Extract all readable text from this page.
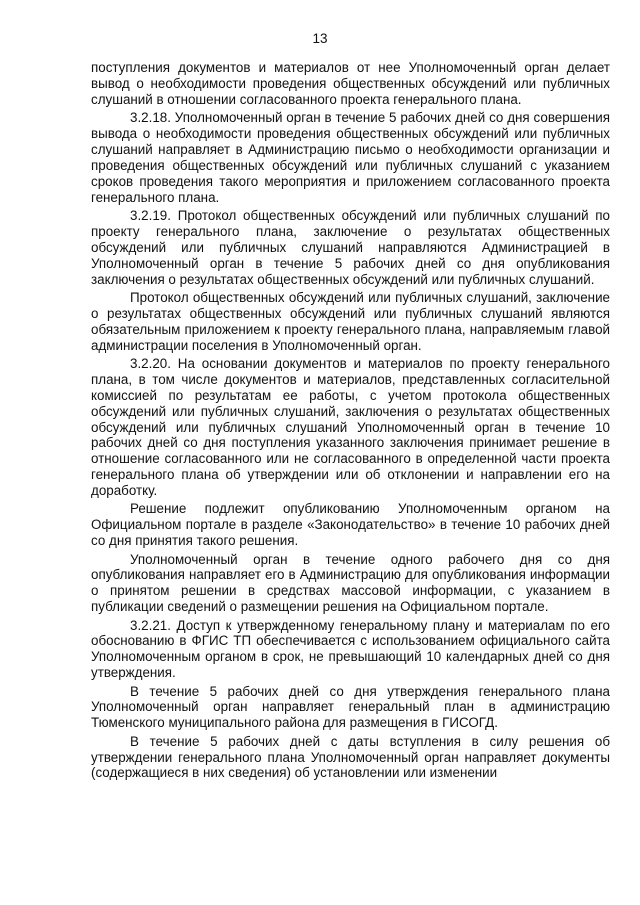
13

поступления документов и материалов от нее Уполномоченный орган делает вывод о необходимости проведения общественных обсуждений или публичных слушаний в отношении согласованного проекта генерального плана.

3.2.18. Уполномоченный орган в течение 5 рабочих дней со дня совершения вывода о необходимости проведения общественных обсуждений или публичных слушаний направляет в Администрацию письмо о необходимости организации и проведения общественных обсуждений или публичных слушаний с указанием сроков проведения такого мероприятия и приложением согласованного проекта генерального плана.

3.2.19. Протокол общественных обсуждений или публичных слушаний по проекту генерального плана, заключение о результатах общественных обсуждений или публичных слушаний направляются Администрацией в Уполномоченный орган в течение 5 рабочих дней со дня опубликования заключения о результатах общественных обсуждений или публичных слушаний.

Протокол общественных обсуждений или публичных слушаний, заключение о результатах общественных обсуждений или публичных слушаний являются обязательным приложением к проекту генерального плана, направляемым главой администрации поселения в Уполномоченный орган.

3.2.20. На основании документов и материалов по проекту генерального плана, в том числе документов и материалов, представленных согласительной комиссией по результатам ее работы, с учетом протокола общественных обсуждений или публичных слушаний, заключения о результатах общественных обсуждений или публичных слушаний Уполномоченный орган в течение 10 рабочих дней со дня поступления указанного заключения принимает решение в отношение согласованного или не согласованного в определенной части проекта генерального плана об утверждении или об отклонении и направлении его на доработку.

Решение подлежит опубликованию Уполномоченным органом на Официальном портале в разделе «Законодательство» в течение 10 рабочих дней со дня принятия такого решения.

Уполномоченный орган в течение одного рабочего дня со дня опубликования направляет его в Администрацию для опубликования информации о принятом решении в средствах массовой информации, с указанием в публикации сведений о размещении решения на Официальном портале.

3.2.21. Доступ к утвержденному генеральному плану и материалам по его обоснованию в ФГИС ТП обеспечивается с использованием официального сайта Уполномоченным органом в срок, не превышающий 10 календарных дней со дня утверждения.

В течение 5 рабочих дней со дня утверждения генерального плана Уполномоченный орган направляет генеральный план в администрацию Тюменского муниципального района для размещения в ГИСОГД.

В течение 5 рабочих дней с даты вступления в силу решения об утверждении генерального плана Уполномоченный орган направляет документы (содержащиеся в них сведения) об установлении или изменении
